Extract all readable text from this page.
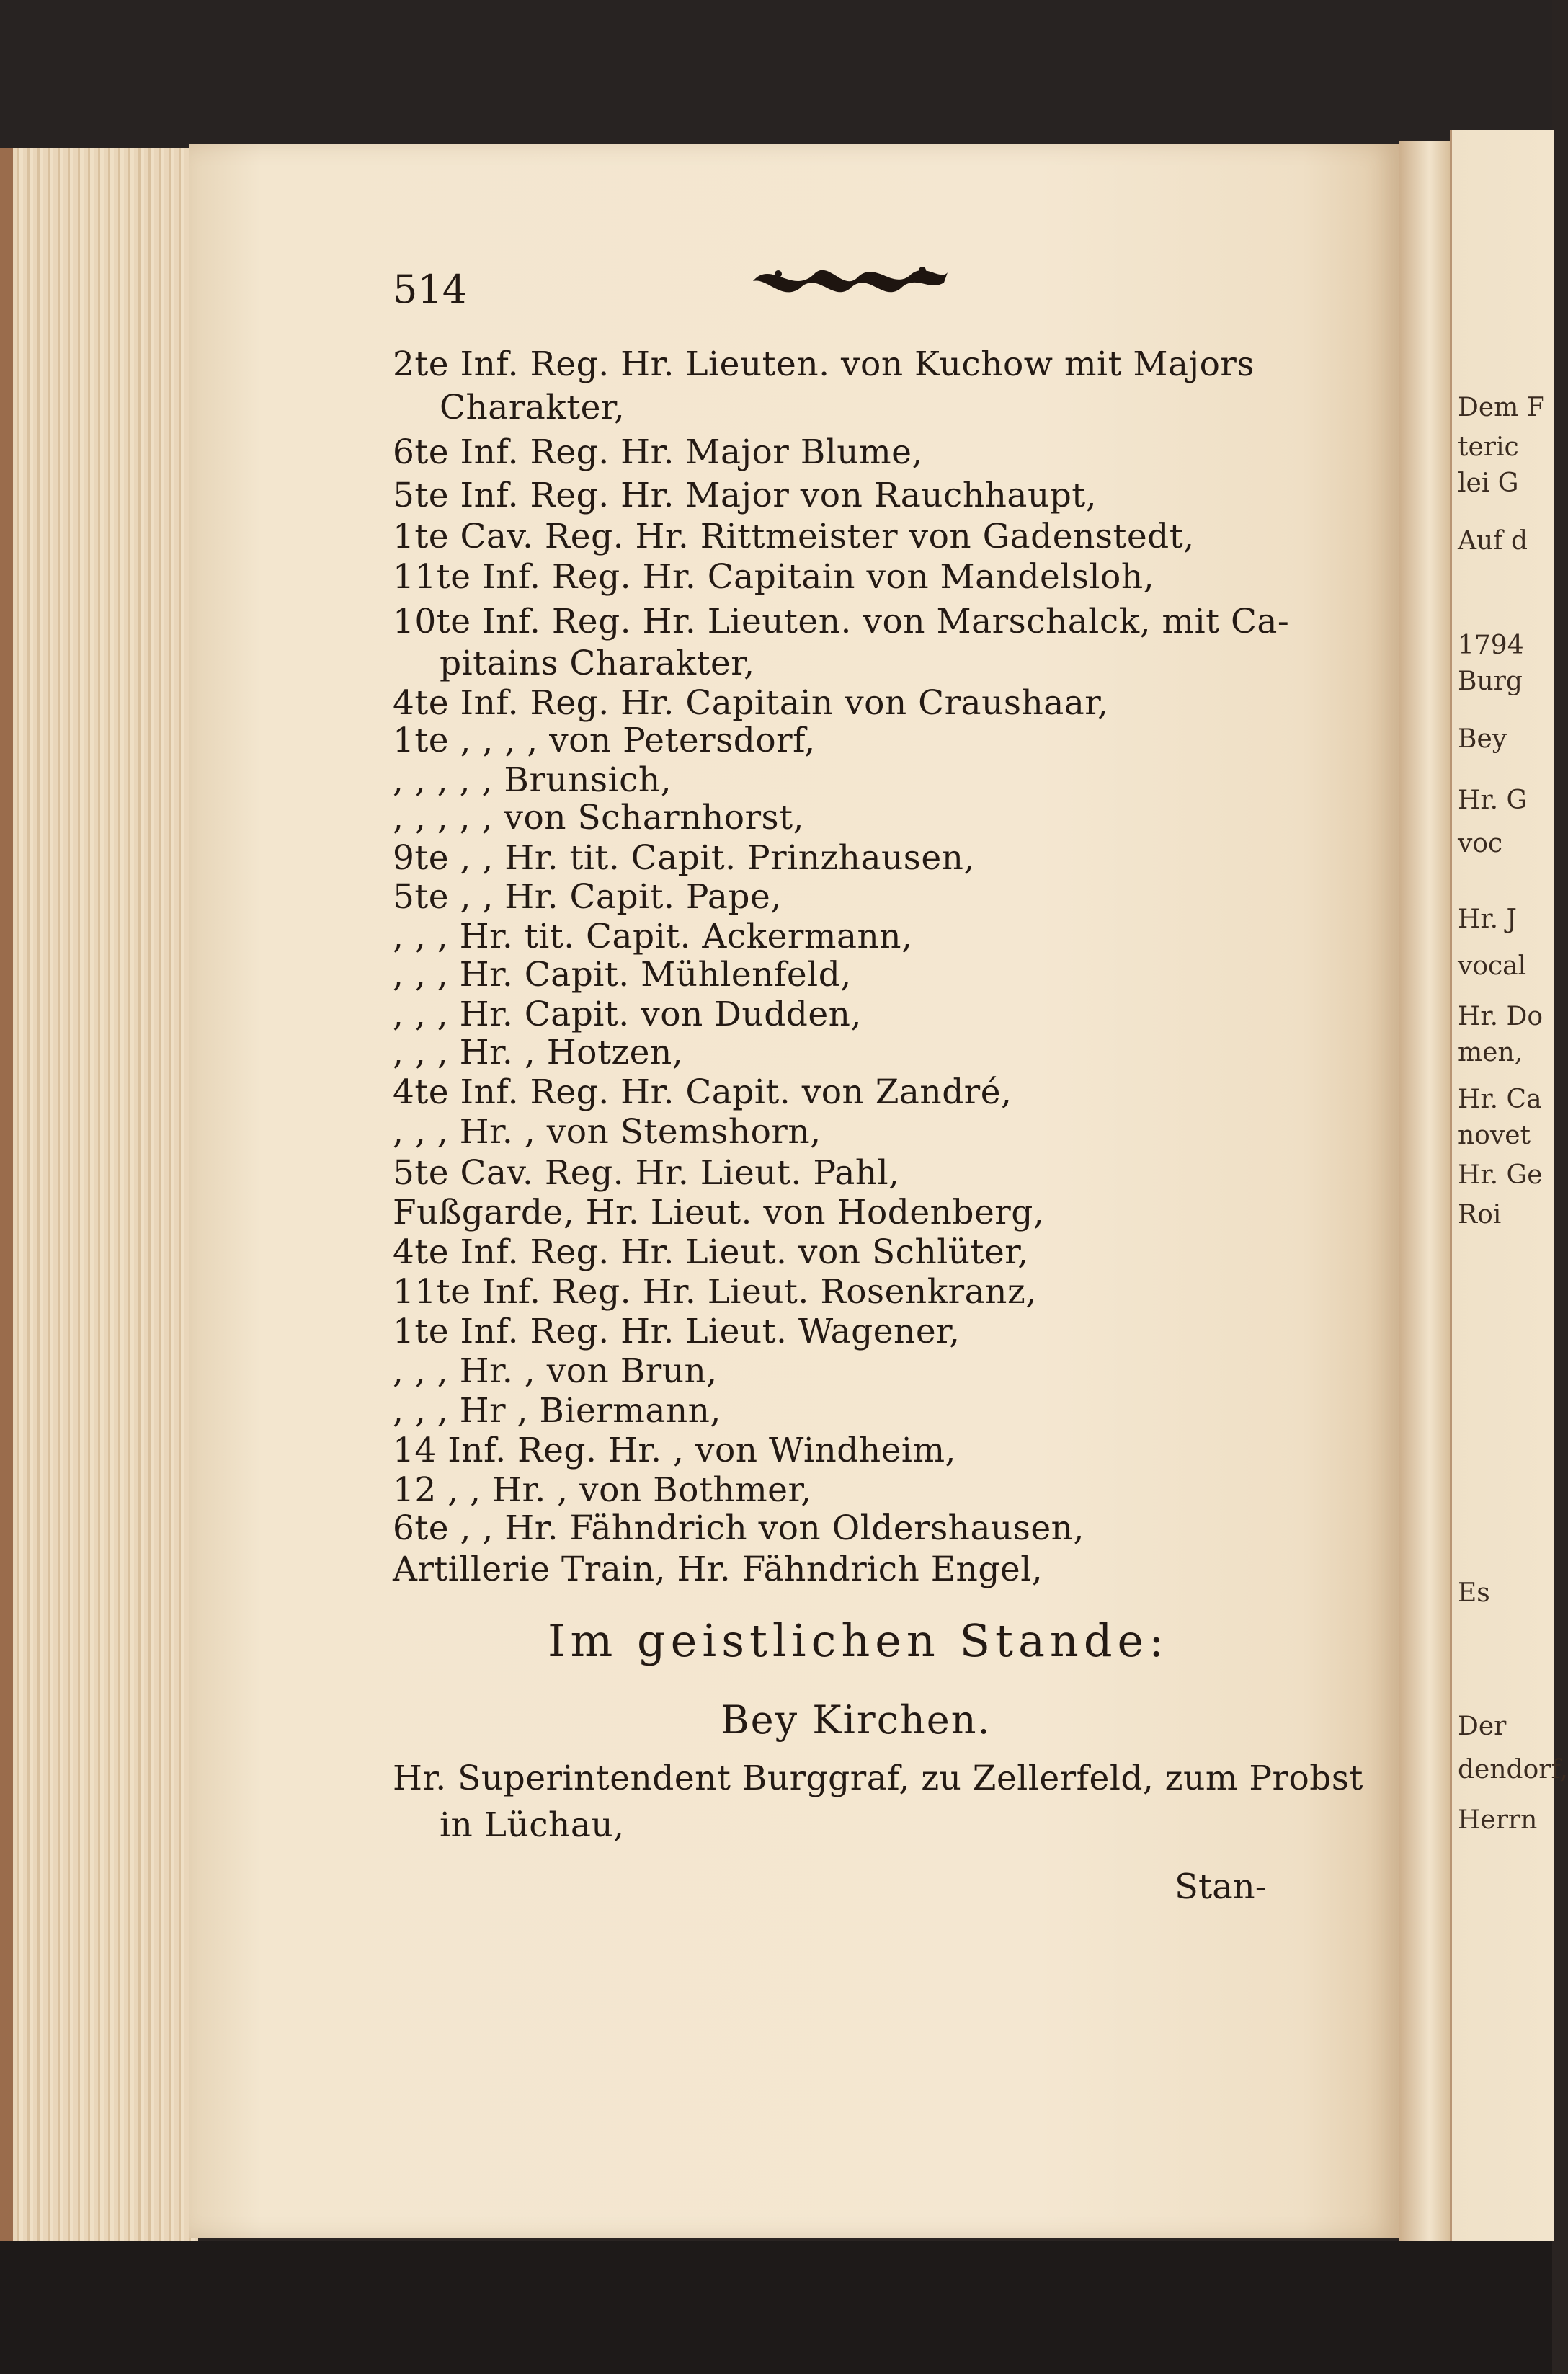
Dem F
teric
lei G
Auf d
1794
Burg
Bey
Hr. G
voc
Hr. J
vocal
Hr. Do
men,
Hr. Ca
novet
Hr. Ge
Roi
Es
Der
dendorf,
Herrn
514
2te Inf. Reg. Hr. Lieuten. von Kuchow mit Majors
Charakter,
6te Inf. Reg. Hr. Major Blume,
5te Inf. Reg. Hr. Major von Rauchhaupt,
1te Cav. Reg. Hr. Rittmeister von Gadenstedt,
11te Inf. Reg. Hr. Capitain von Mandelsloh,
10te Inf. Reg. Hr. Lieuten. von Marschalck, mit Ca-
pitains Charakter,
4te Inf. Reg. Hr. Capitain von Craushaar,
1te , , , , von Petersdorf,
, , , , , Brunsich,
, , , , , von Scharnhorst,
9te , , Hr. tit. Capit. Prinzhausen,
5te , , Hr. Capit. Pape,
, , , Hr. tit. Capit. Ackermann,
, , , Hr. Capit. Mühlenfeld,
, , , Hr. Capit. von Dudden,
, , , Hr. , Hotzen,
4te Inf. Reg. Hr. Capit. von Zandré,
, , , Hr. , von Stemshorn,
5te Cav. Reg. Hr. Lieut. Pahl,
Fußgarde, Hr. Lieut. von Hodenberg,
4te Inf. Reg. Hr. Lieut. von Schlüter,
11te Inf. Reg. Hr. Lieut. Rosenkranz,
1te Inf. Reg. Hr. Lieut. Wagener,
, , , Hr. , von Brun,
, , , Hr , Biermann,
14 Inf. Reg. Hr. , von Windheim,
12 , , Hr. , von Bothmer,
6te , , Hr. Fähndrich von Oldershausen,
Artillerie Train, Hr. Fähndrich Engel,
Im geistlichen Stande:
Bey Kirchen.
Hr. Superintendent Burggraf, zu Zellerfeld, zum Probst
in Lüchau,
Stan-
